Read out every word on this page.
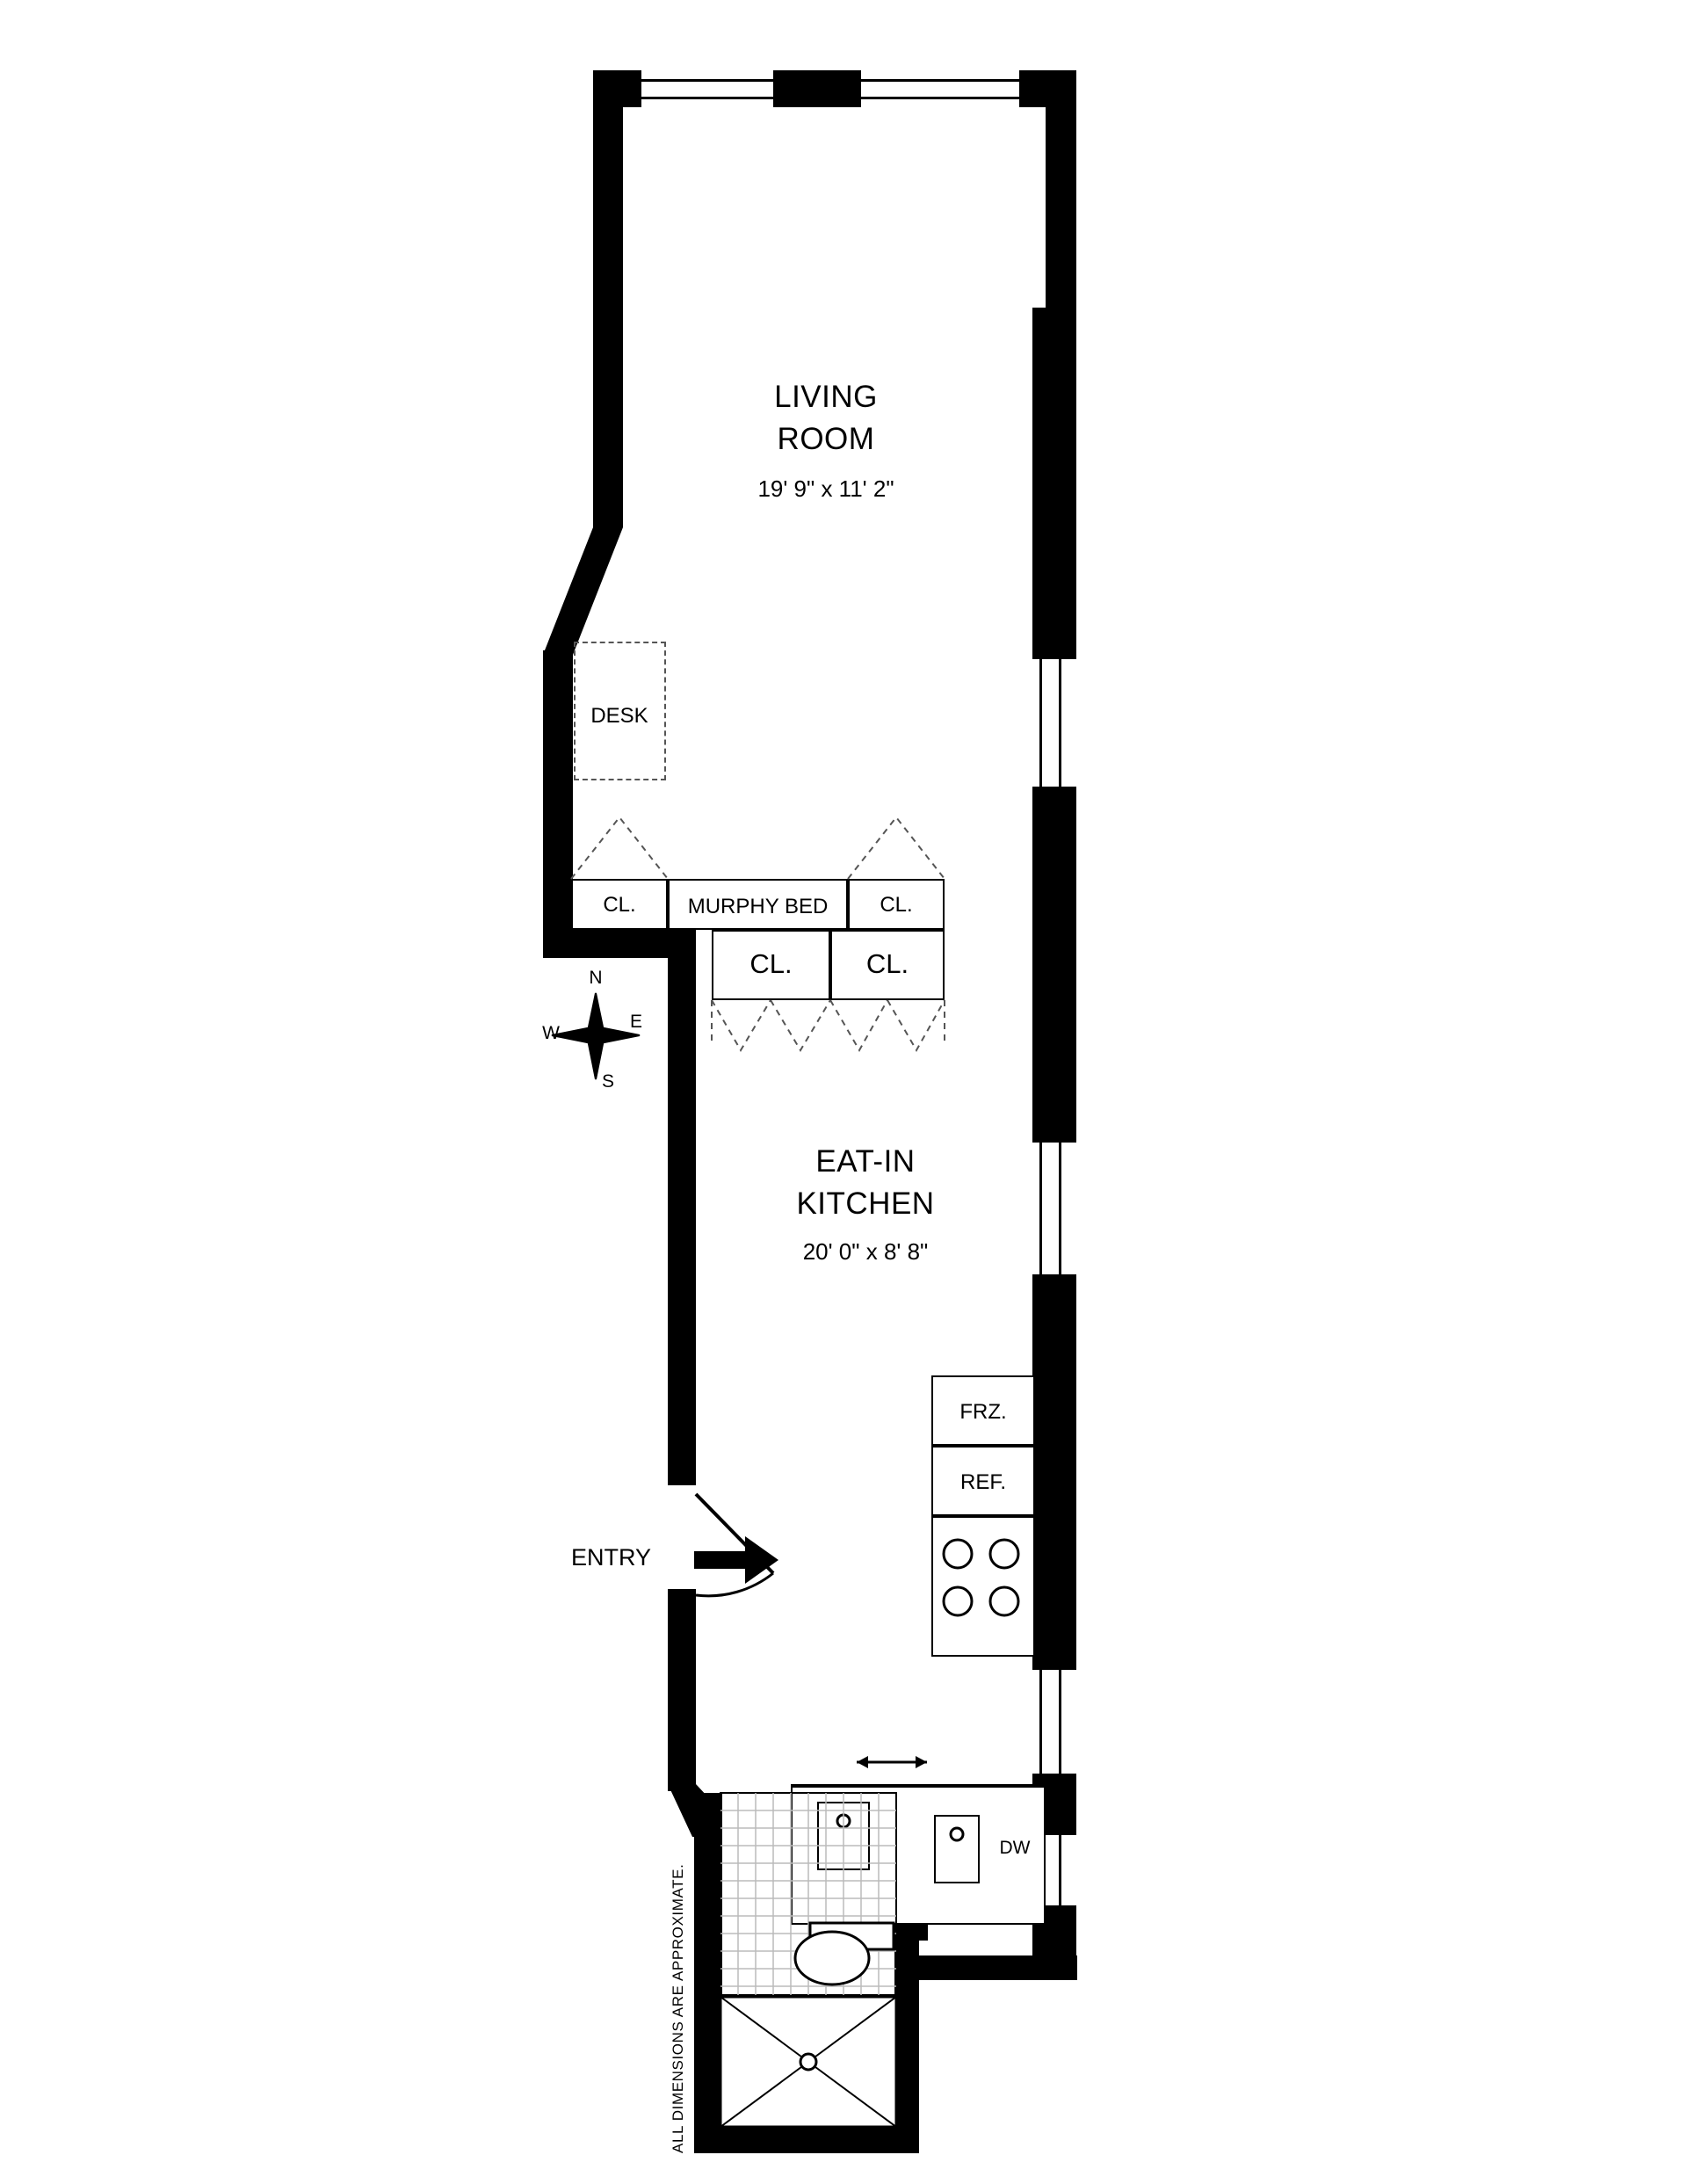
LIVING
ROOM
19' 9" x 11' 2"
DESK
CL.	MURPHY BED	CL.
CL.	CL.
N
S
E
W
EAT-IN
KITCHEN
20' 0" x 8' 8"
FRZ.
REF.
DW
ENTRY
ALL DIMENSIONS ARE APPROXIMATE.
